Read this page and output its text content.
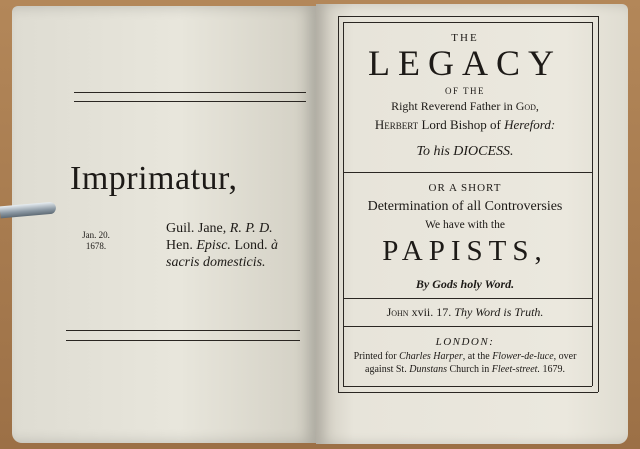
Imprimatur,
Jan. 20.
1678.
Guil. Jane, R. P. D.
Hen. Episc. Lond. à
sacris domesticis.
THE
LEGACY
OF THE
Right Reverend Father in God,
Herbert Lord Bishop of Hereford:
To his DIOCESS.
OR A SHORT
Determination of all Controversies
We have with the
PAPISTS,
By Gods holy Word.
John xvii. 17. Thy Word is Truth.
LONDON:
Printed for Charles Harper, at the Flower-de-luce, over
against St. Dunstans Church in Fleet-street. 1679.
